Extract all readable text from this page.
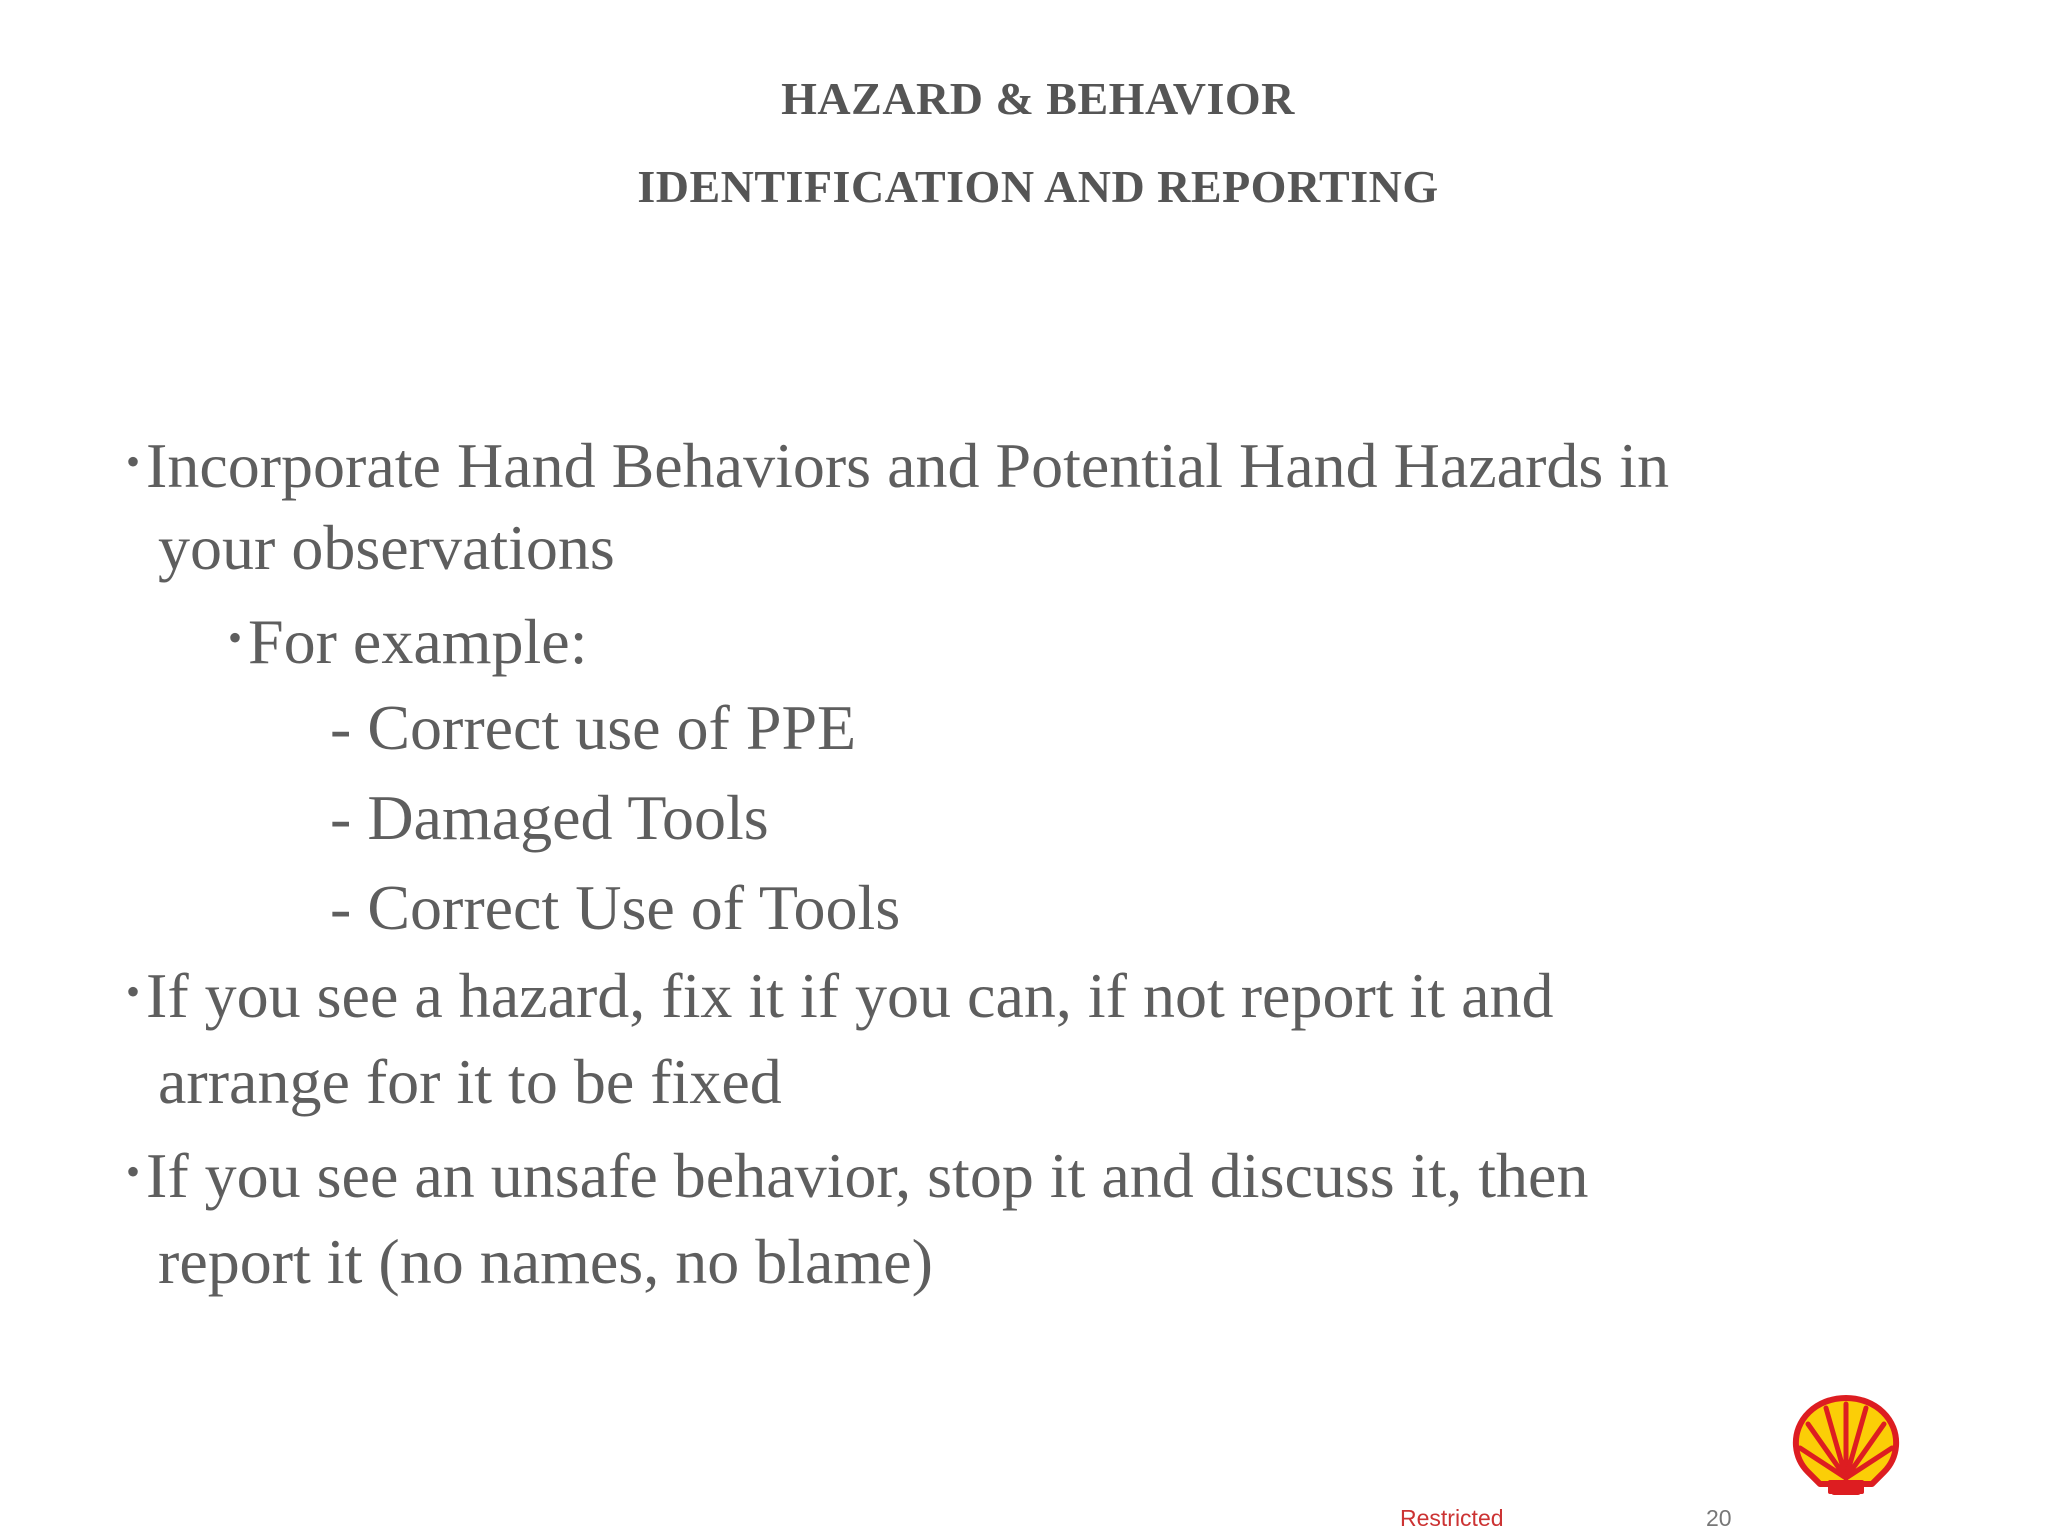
HAZARD & BEHAVIOR
IDENTIFICATION AND REPORTING
•Incorporate Hand Behaviors and Potential Hand Hazards in
your observations
•For example:
- Correct use of PPE
- Damaged Tools
- Correct Use of Tools
•If you see a hazard, fix it if you can, if not report it and
arrange for it to be fixed
•If you see an unsafe behavior, stop it and discuss it, then
report it (no names, no blame)
Restricted	20
